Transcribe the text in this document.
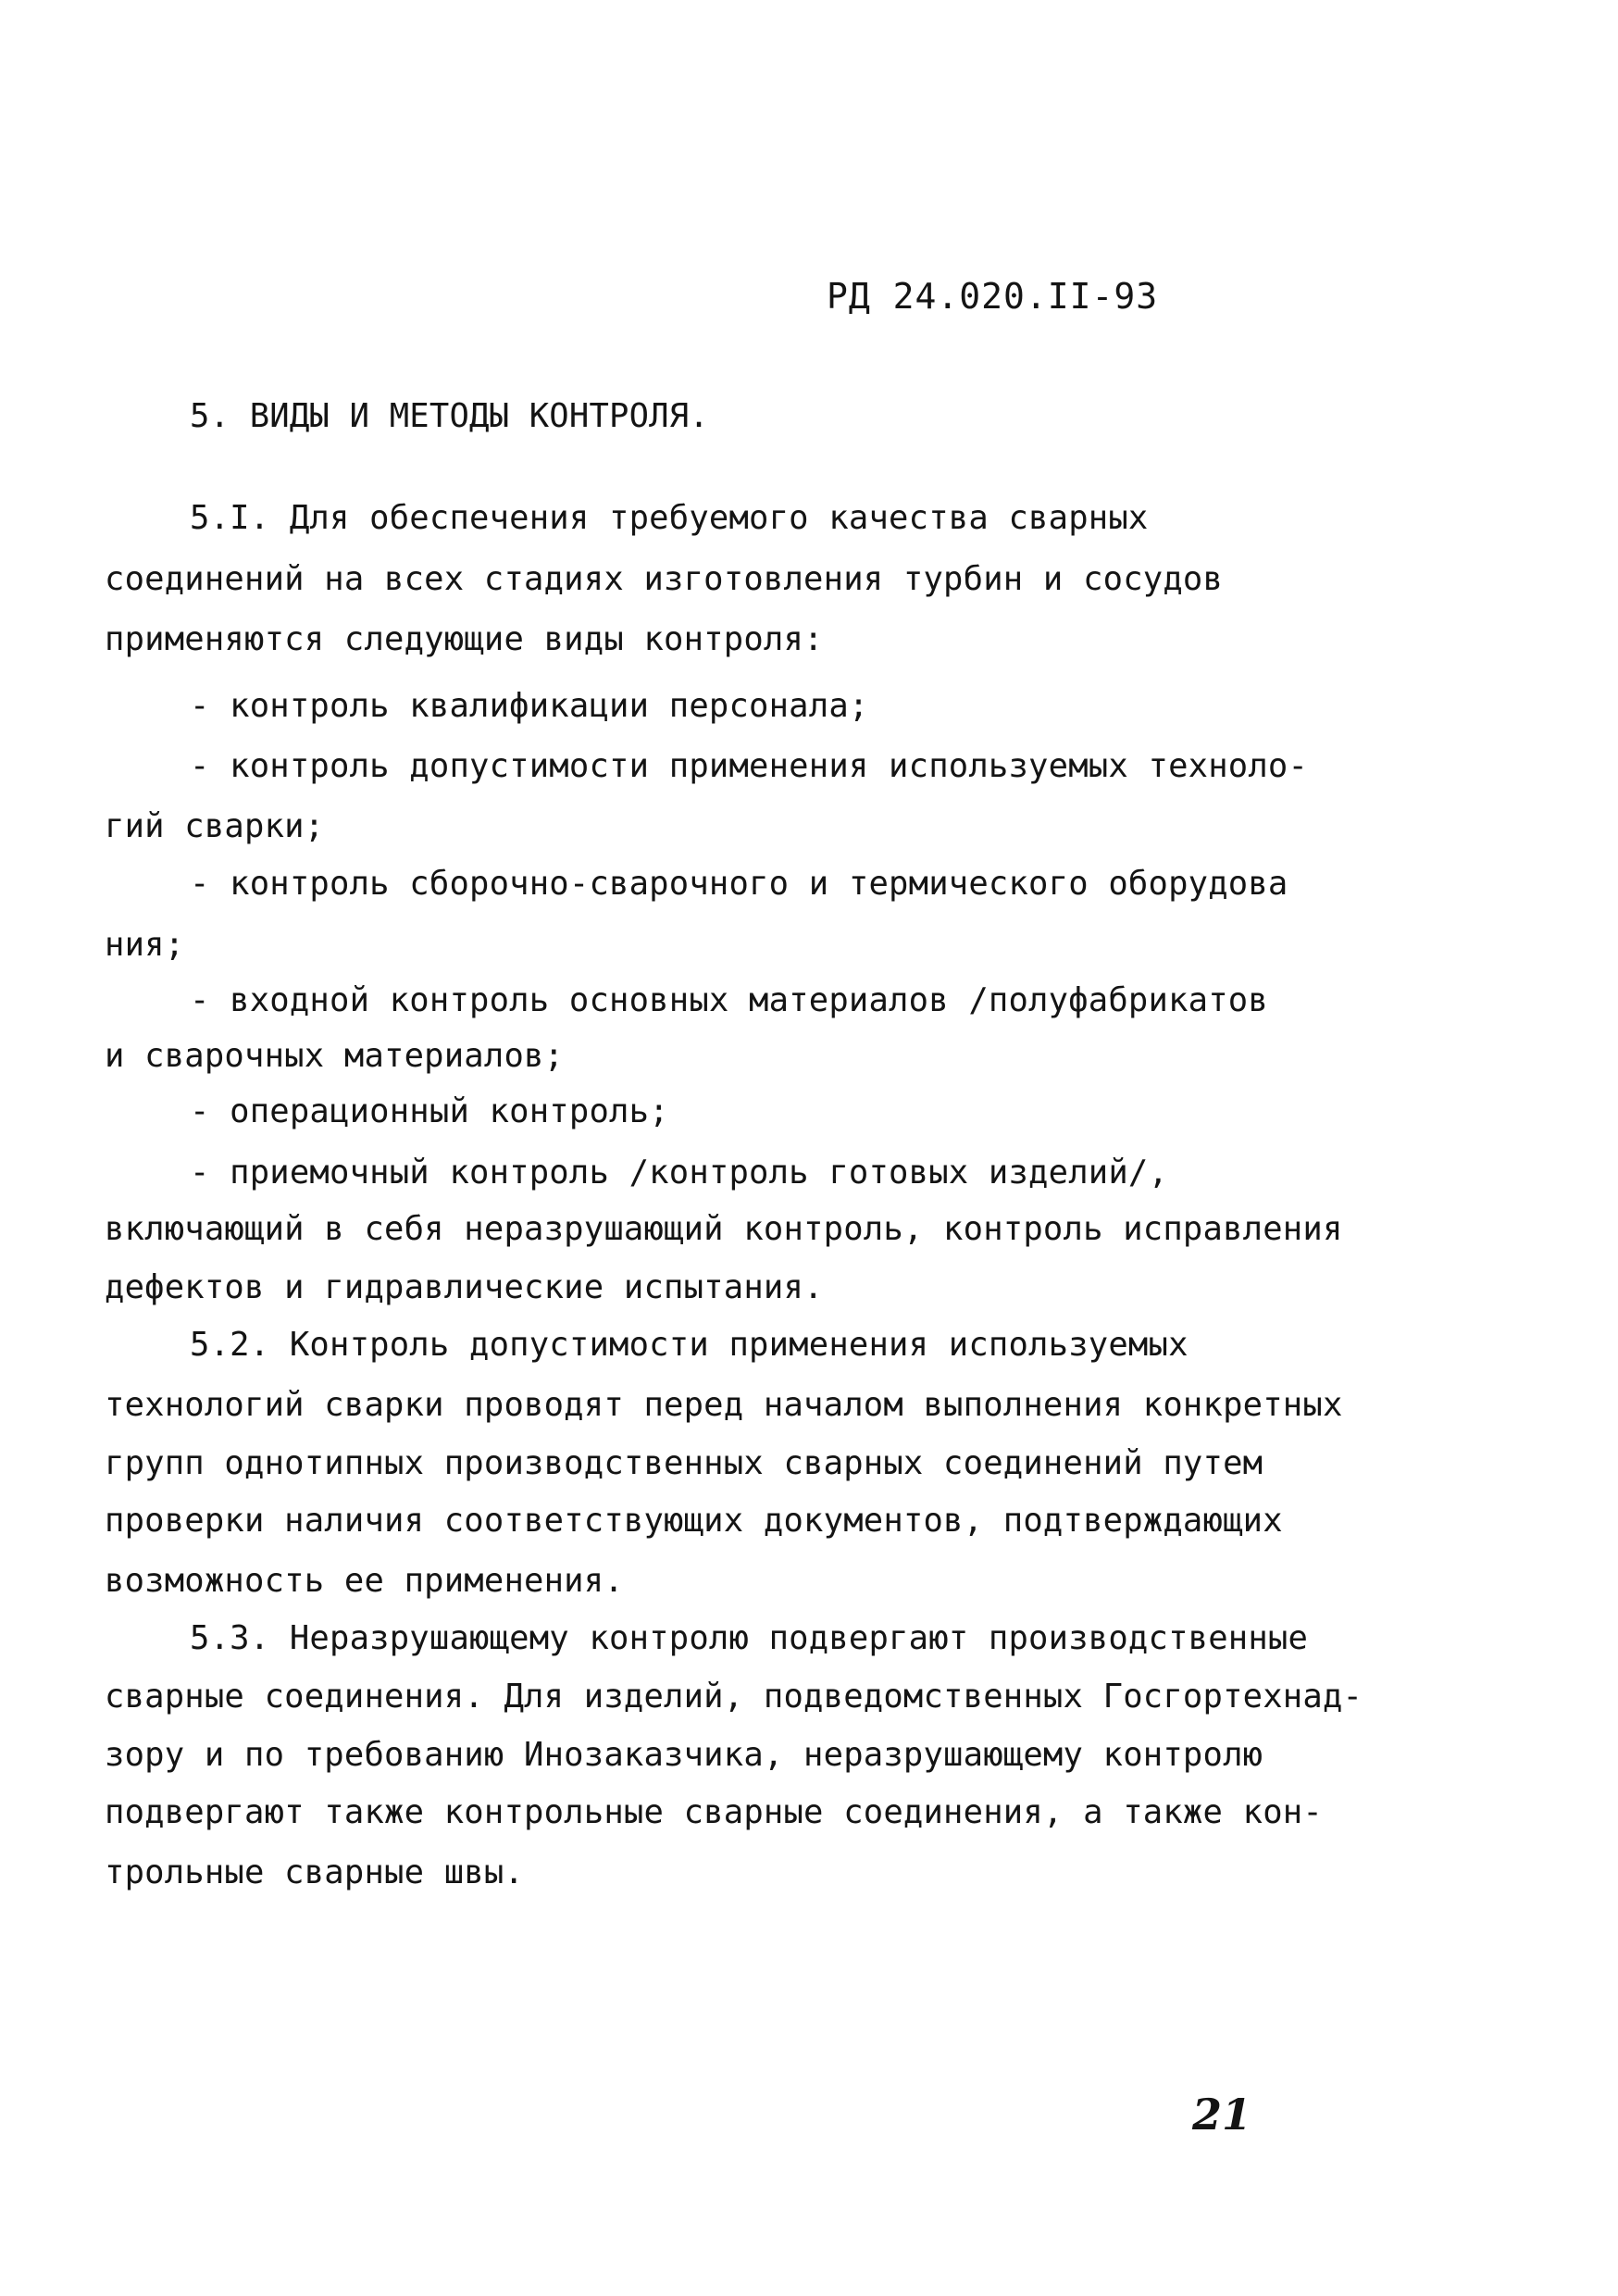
РД 24.020.II-93
5. ВИДЫ И МЕТОДЫ КОНТРОЛЯ.
5.I. Для обеспечения требуемого качества сварных
соединений на всех стадиях изготовления турбин и сосудов
применяются следующие виды контроля:
- контроль квалификации персонала;
- контроль допустимости применения используемых техноло-
гий сварки;
- контроль сборочно-сварочного и термического оборудова
ния;
- входной контроль основных материалов /полуфабрикатов
и сварочных материалов;
- операционный контроль;
- приемочный контроль /контроль готовых изделий/,
включающий в себя неразрушающий контроль, контроль исправления
дефектов и гидравлические испытания.
5.2. Контроль допустимости применения используемых
технологий сварки проводят перед началом выполнения конкретных
групп однотипных производственных сварных соединений путем
проверки наличия соответствующих документов, подтверждающих
возможность ее применения.
5.3. Неразрушающему контролю подвергают производственные
сварные соединения. Для изделий, подведомственных Госгортехнад-
зору и по требованию Инозаказчика, неразрушающему контролю
подвергают также контрольные сварные соединения, а также кон-
трольные сварные швы.
21
